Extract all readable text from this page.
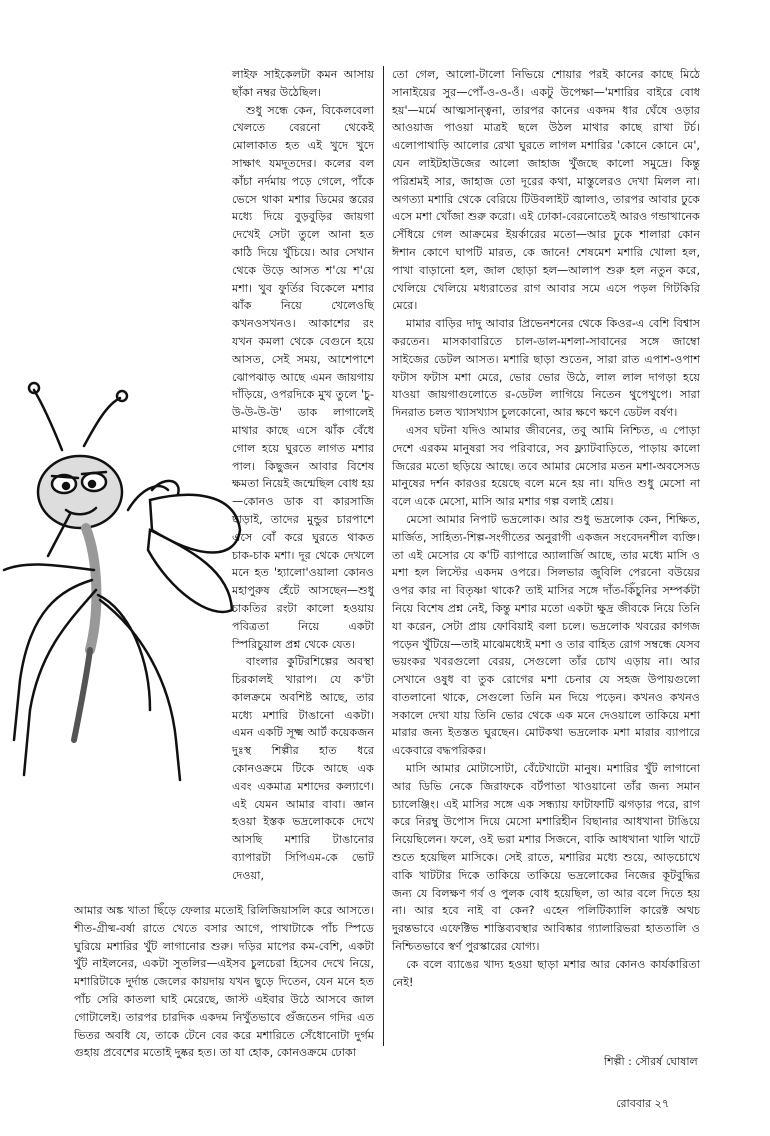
লাইফ সাইকেলটা কমন আসায় ছাঁকা নম্বর উঠেছিল।

শুধু সন্ধে কেন, বিকেলবেলা খেলতে বেরনো থেকেই মোলাকাত হত এই খুদে খুদে সাক্ষাৎ যমদূতদের। কলের বল কাঁচা নর্দমায় পড়ে গেলে, পাঁকে ভেসে থাকা মশার ডিমের স্তরের মধ্যে দিয়ে বুড়বুড়ির জায়গা দেখেই সেটা তুলে আনা হত কাঠি দিয়ে খুঁচিয়ে। আর সেখান থেকে উড়ে আসত শ'য়ে শ'য়ে মশা। খুব ফুর্তির বিকেলে মশার ঝাঁক নিয়ে খেলেওছি কখনওসখনও। আকাশের রং যখন কমলা থেকে বেগুনে হয়ে আসত, সেই সময়, আশেপাশে ঝোপঝাড় আছে এমন জায়গায় দাঁড়িয়ে, ওপরদিকে মুখ তুলে 'চু-উ-উ-উ-উ' ডাক লাগালেই মাথার কাছে এসে ঝাঁক বেঁধে গোল হয়ে ঘুরতে লাগত মশার পাল। কিছুজন আবার বিশেষ ক্ষমতা নিয়েই জন্মেছিল বোধ হয়—কোনও ডাক বা কারসাজি ছাড়াই, তাদের মুন্ডুর চারপাশে এসে বোঁ করে ঘুরতে থাকত চাক-চাক মশা। দূর থেকে দেখলে মনে হত 'হ্যালো'ওয়ালা কোনও মহাপুরুষ হেঁটে আসছেন—শুধু চাকতির রংটা কালো হওয়ায় পবিত্রতা নিয়ে একটা স্পিরিচুয়াল প্রশ্ন থেকে যেত।

বাংলার কুটিরশিল্পের অবস্থা চিরকালই খারাপ। যে ক'টা কালক্রমে অবশিষ্ট আছে, তার মধ্যে মশারি টাঙানো একটা। এমন একটি সূক্ষ্ম আর্ট কয়েকজন দুঃস্থ শিল্পীর হাত ধরে কোনওক্রমে টিকে আছে এক এবং একমাত্র মশাদের কল্যাণে। এই যেমন আমার বাবা। জ্ঞান হওয়া ইস্তক ভদ্রলোককে দেখে আসছি মশারি টাঙানোর ব্যাপারটা সিপিএম-কে ভোট দেওয়া,

আমার অঙ্ক খাতা ছিঁড়ে ফেলার মতোই রিলিজিয়াসলি করে আসতে। শীত-গ্রীষ্ম-বর্ষা রাতে খেতে বসার আগে, পাখাটাকে পাঁচ স্পিডে ঘুরিয়ে মশারির খুঁট লাগানোর শুরু। দড়ির মাপের কম-বেশি, একটা খুঁট নাইলনের, একটা সুতলির—এইসব চুলচেরা হিসেব দেখে নিয়ে, মশারিটাকে দুর্দান্ত জেলের কায়দায় যখন ছুড়ে দিতেন, যেন মনে হত পাঁচ সেরি কাতলা ঘাই মেরেছে, জাস্ট এইবার উঠে আসবে জাল গোটালেই। তারপর চারদিক একদম নিখুঁতভাবে গুঁজতেন গদির এত ভিতর অবধি যে, তাকে টেনে বের করে মশারিতে সেঁধোনোটা দুর্গম গুহায় প্রবেশের মতোই দুষ্কর হত। তা যা হোক, কোনওক্রমে ঢোকা

তো গেল, আলো-টালো নিভিয়ে শোয়ার পরই কানের কাছে মিঠে সানাইয়ের সুর—পোঁ-ও-ও-ওঁ। একটু উপেক্ষা—'মশারির বাইরে বোধ হয়'—মর্মে আত্মসান্ত্বনা, তারপর কানের একদম ধার ঘেঁষে ওড়ার আওয়াজ পাওয়া মাত্রই ছলে উঠল মাথার কাছে রাখা টর্চ। এলোপাথাড়ি আলোর রেখা ঘুরতে লাগল মশারির 'কোনে কোনে মে', যেন লাইটহাউজের আলো জাহাজ খুঁজছে কালো সমুদ্রে। কিন্তু পরিশ্রমই সার, জাহাজ তো দূরের কথা, মাস্তুলেরও দেখা মিলল না। অগত্যা মশারি থেকে বেরিয়ে টিউবলাইট জ্বালাও, তারপর আবার ঢুকে এসে মশা খোঁজা শুরু করো। এই ঢোকা-বেরনোতেই আরও গন্ডাখানেক সেঁধিয়ে গেল আক্রমের ইয়র্কারের মতো—আর ঢুকে শালারা কোন ঈশান কোণে ঘাপটি মারত, কে জানে! শেষমেশ মশারি খোলা হল, পাখা বাড়ানো হল, জাল ছোড়া হল—আলাপ শুরু হল নতুন করে, খেলিয়ে খেলিয়ে মধ্যরাতের রাগ আবার সমে এসে পড়ল গিটকিরি মেরে।

মামার বাড়ির দাদু আবার প্রিভেনশনের থেকে কিওর-এ বেশি বিশ্বাস করতেন। মাসকাবারিতে চাল-ডাল-মশলা-সাবানের সঙ্গে জাম্বো সাইজের ডেটল আসত। মশারি ছাড়া শুতেন, সারা রাত এপাশ-ওপাশ ফটাস ফটাস মশা মেরে, ভোর ভোর উঠে, লাল লাল দাগড়া হয়ে যাওয়া জায়গাগুলোতে র-ডেটল লাগিয়ে নিতেন থুপেথুপে। সারা দিনরাত চলত খ্যাসখ্যাস চুলকোনো, আর ক্ষণে ক্ষণে ডেটল বর্ষণ।

এসব ঘটনা যদিও আমার জীবনের, তবু আমি নিশ্চিত, এ পোড়া দেশে এরকম মানুষরা সব পরিবারে, সব ফ্ল্যাটবাড়িতে, পাড়ায় কালো জিরের মতো ছড়িয়ে আছে। তবে আমার মেসোর মতন মশা-অবসেসড মানুষের দর্শন কারওর হয়েছে বলে মনে হয় না। যদিও শুধু মেসো না বলে একে মেসো, মাসি আর মশার গল্প বলাই শ্রেয়।

মেসো আমার নিপাট ভদ্রলোক। আর শুধু ভদ্রলোক কেন, শিক্ষিত, মার্জিত, সাহিত্য-শিল্প-সংগীতের অনুরাগী একজন সংবেদনশীল ব্যক্তি। তা এই মেসোর যে ক'টি ব্যাপারে অ্যালার্জি আছে, তার মধ্যে মাসি ও মশা হল লিস্টের একদম ওপরে। সিলভার জুবিলি পেরনো বউয়ের ওপর কার না বিতৃষ্ণা থাকে? তাই মাসির সঙ্গে দাঁত-কিঁচুনির সম্পর্কটা নিয়ে বিশেষ প্রশ্ন নেই, কিন্তু মশার মতো একটা ক্ষুদ্র জীবকে নিয়ে তিনি যা করেন, সেটা প্রায় ফোবিয়াই বলা চলে। ভদ্রলোক খবরের কাগজ পড়েন খুঁটিয়ে—তাই মাঝেমধ্যেই মশা ও তার বাহিত রোগ সম্বন্ধে যেসব ভয়ংকর খবরগুলো বেরয়, সেগুলো তাঁর চোখ এড়ায় না। আর সেখানে ওষুধ বা তুক রোগের মশা চেনার যে সহজ উপায়গুলো বাতলানো থাকে, সেগুলো তিনি মন দিয়ে পড়েন। কখনও কখনও সকালে দেখা যায় তিনি ভোর থেকে এক মনে দেওয়ালে তাকিয়ে মশা মারার জন্য ইতস্তত ঘুরছেন। মোটকথা ভদ্রলোক মশা মারার ব্যাপারে একেবারে বদ্ধপরিকর।

মাসি আমার মোটাসোটা, বেঁটেখাটো মানুষ। মশারির খুঁট লাগানো আর ডিভি নেকে জিরাফকে বর্টপাতা খাওয়ানো তাঁর জন্য সমান চ্যালেঞ্জিং। এই মাসির সঙ্গে এক সন্ধ্যায় ফাটাফাটি ঝগড়ার পরে, রাগ করে নিরম্বু উপোস দিয়ে মেসো মশারিহীন বিছানার আধখানা টাঙিয়ে নিয়েছিলেন। ফলে, ওই ভরা মশার সিজনে, বাকি আধখানা খালি খাটে শুতে হয়েছিল মাসিকে। সেই রাতে, মশারির মধ্যে শুয়ে, আড়চোখে বাকি খাটটার দিকে তাকিয়ে তাকিয়ে ভদ্রলোকের নিজের কূটবুদ্ধির জন্য যে বিলক্ষণ গর্ব ও পুলক বোধ হয়েছিল, তা আর বলে দিতে হয় না। আর হবে নাই বা কেন? এহেন পলিটিক্যালি কারেক্ট অথচ দুরন্তভাবে এফেক্টিভ শাস্তিব্যবস্থার আবিষ্কার গ্যালারিভরা হাততালি ও নিশ্চিতভাবে স্বর্ণ পুরস্কারের যোগ্য।

কে বলে ব্যাঙের খাদ্য হওয়া ছাড়া মশার আর কোনও কার্যকারিতা নেই!

শিল্পী : সৌরর্ষ ঘোষাল
রোববার ২৭
